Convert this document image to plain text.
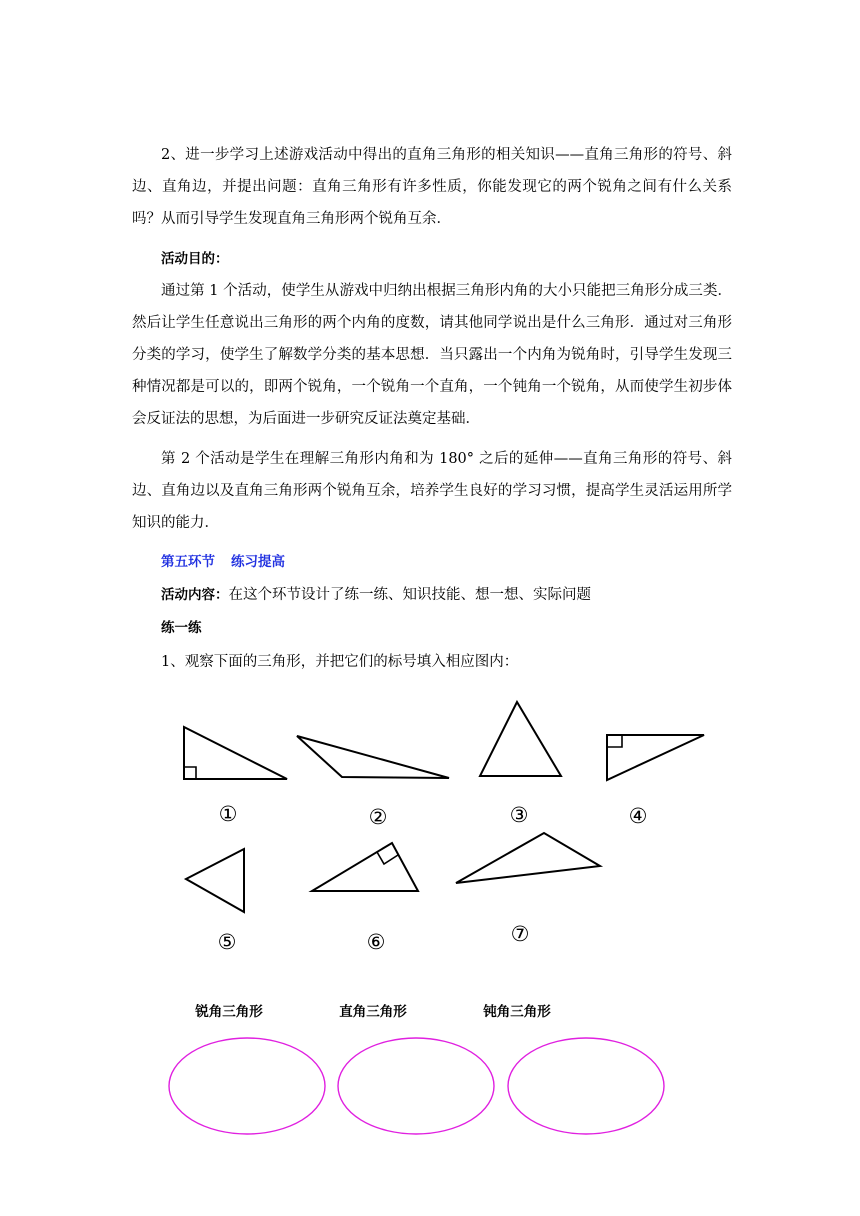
2、进一步学习上述游戏活动中得出的直角三角形的相关知识——直角三角形的符号、斜边、直角边，并提出问题：直角三角形有许多性质，你能发现它的两个锐角之间有什么关系吗？从而引导学生发现直角三角形两个锐角互余．

活动目的：

通过第 1 个活动，使学生从游戏中归纳出根据三角形内角的大小只能把三角形分成三类．然后让学生任意说出三角形的两个内角的度数，请其他同学说出是什么三角形．通过对三角形分类的学习，使学生了解数学分类的基本思想．当只露出一个内角为锐角时，引导学生发现三种情况都是可以的，即两个锐角，一个锐角一个直角，一个钝角一个锐角，从而使学生初步体会反证法的思想，为后面进一步研究反证法奠定基础．

第 2 个活动是学生在理解三角形内角和为 180° 之后的延伸——直角三角形的符号、斜边、直角边以及直角三角形两个锐角互余，培养学生良好的学习习惯，提高学生灵活运用所学知识的能力．

第五环节 练习提高

活动内容：在这个环节设计了练一练、知识技能、想一想、实际问题

练一练

1、观察下面的三角形，并把它们的标号填入相应图内：

①	②	③	④
⑤	⑥	⑦
锐角三角形	直角三角形	钝角三角形
